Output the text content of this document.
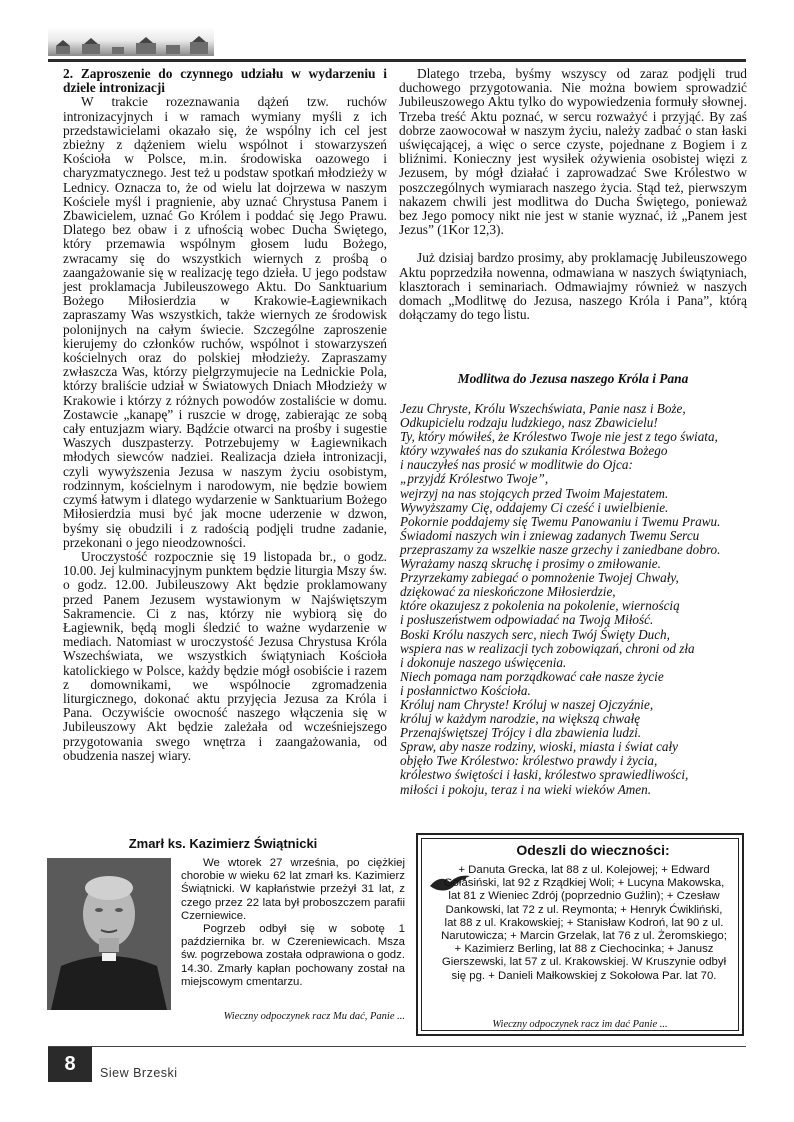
2. Zaproszenie do czynnego udziału w wydarzeniu i dziele intronizacji

W trakcie rozeznawania dążeń tzw. ruchów intronizacyjnych i w ramach wymiany myśli z ich przedstawicielami okazało się, że wspólny ich cel jest zbieżny z dążeniem wielu wspólnot i stowarzyszeń Kościoła w Polsce, m.in. środowiska oazowego i charyzmatycznego. Jest też u podstaw spotkań młodzieży w Lednicy. Oznacza to, że od wielu lat dojrzewa w naszym Kościele myśl i pragnienie, aby uznać Chrystusa Panem i Zbawicielem, uznać Go Królem i poddać się Jego Prawu. Dlatego bez obaw i z ufnością wobec Ducha Świętego, który przemawia wspólnym głosem ludu Bożego, zwracamy się do wszystkich wiernych z prośbą o zaangażowanie się w realizację tego dzieła. U jego podstaw jest proklamacja Jubileuszowego Aktu. Do Sanktuarium Bożego Miłosierdzia w Krakowie-Łagiewnikach zapraszamy Was wszystkich, także wiernych ze środowisk polonijnych na całym świecie. Szczególne zaproszenie kierujemy do członków ruchów, wspólnot i stowarzyszeń kościelnych oraz do polskiej młodzieży. Zapraszamy zwłaszcza Was, którzy pielgrzymujecie na Lednickie Pola, którzy braliście udział w Światowych Dniach Młodzieży w Krakowie i którzy z różnych powodów zostaliście w domu. Zostawcie „kanapę” i ruszcie w drogę, zabierając ze sobą cały entuzjazm wiary. Bądźcie otwarci na prośby i sugestie Waszych duszpasterzy. Potrzebujemy w Łagiewnikach młodych siewców nadziei. Realizacja dzieła intronizacji, czyli wywyższenia Jezusa w naszym życiu osobistym, rodzinnym, kościelnym i narodowym, nie będzie bowiem czymś łatwym i dlatego wydarzenie w Sanktuarium Bożego Miłosierdzia musi być jak mocne uderzenie w dzwon, byśmy się obudzili i z radością podjęli trudne zadanie, przekonani o jego nieodzowności.

Uroczystość rozpocznie się 19 listopada br., o godz. 10.00. Jej kulminacyjnym punktem będzie liturgia Mszy św. o godz. 12.00. Jubileuszowy Akt będzie proklamowany przed Panem Jezusem wystawionym w Najświętszym Sakramencie. Ci z nas, którzy nie wybiorą się do Łagiewnik, będą mogli śledzić to ważne wydarzenie w mediach. Natomiast w uroczystość Jezusa Chrystusa Króla Wszechświata, we wszystkich świątyniach Kościoła katolickiego w Polsce, każdy będzie mógł osobiście i razem z domownikami, we wspólnocie zgromadzenia liturgicznego, dokonać aktu przyjęcia Jezusa za Króla i Pana. Oczywiście owocność naszego włączenia się w Jubileuszowy Akt będzie zależała od wcześniejszego przygotowania swego wnętrza i zaangażowania, od obudzenia naszej wiary.

Dlatego trzeba, byśmy wszyscy od zaraz podjęli trud duchowego przygotowania. Nie można bowiem sprowadzić Jubileuszowego Aktu tylko do wypowiedzenia formuły słownej. Trzeba treść Aktu poznać, w sercu rozważyć i przyjąć. By zaś dobrze zaowocował w naszym życiu, należy zadbać o stan łaski uświęcającej, a więc o serce czyste, pojednane z Bogiem i z bliźnimi. Konieczny jest wysiłek ożywienia osobistej więzi z Jezusem, by mógł działać i zaprowadzać Swe Królestwo w poszczególnych wymiarach naszego życia. Stąd też, pierwszym nakazem chwili jest modlitwa do Ducha Świętego, ponieważ bez Jego pomocy nikt nie jest w stanie wyznać, iż „Panem jest Jezus” (1Kor 12,3).

Już dzisiaj bardzo prosimy, aby proklamację Jubileuszowego Aktu poprzedziła nowenna, odmawiana w naszych świątyniach, klasztorach i seminariach. Odmawiajmy również w naszych domach „Modlitwę do Jezusa, naszego Króla i Pana”, którą dołączamy do tego listu.

Modlitwa do Jezusa naszego Króla i Pana
Jezu Chryste, Królu Wszechświata, Panie nasz i Boże,
Odkupicielu rodzaju ludzkiego, nasz Zbawicielu!
Ty, który mówiłeś, że Królestwo Twoje nie jest z tego świata,
który wzywałeś nas do szukania Królestwa Bożego
i nauczyłeś nas prosić w modlitwie do Ojca:
„przyjdź Królestwo Twoje”,
wejrzyj na nas stojących przed Twoim Majestatem.
Wywyższamy Cię, oddajemy Ci cześć i uwielbienie.
Pokornie poddajemy się Twemu Panowaniu i Twemu Prawu.
Świadomi naszych win i zniewag zadanych Twemu Sercu
przepraszamy za wszelkie nasze grzechy i zaniedbane dobro.
Wyrażamy naszą skruchę i prosimy o zmiłowanie.
Przyrzekamy zabiegać o pomnożenie Twojej Chwały,
dziękować za nieskończone Miłosierdzie,
które okazujesz z pokolenia na pokolenie, wiernością
i posłuszeństwem odpowiadać na Twoją Miłość.
Boski Królu naszych serc, niech Twój Święty Duch,
wspiera nas w realizacji tych zobowiązań, chroni od zła
i dokonuje naszego uświęcenia.
Niech pomaga nam porządkować całe nasze życie
i posłannictwo Kościoła.
Króluj nam Chryste! Króluj w naszej Ojczyźnie,
króluj w każdym narodzie, na większą chwałę
Przenajświętszej Trójcy i dla zbawienia ludzi.
Spraw, aby nasze rodziny, wioski, miasta i świat cały
objęło Twe Królestwo: królestwo prawdy i życia,
królestwo świętości i łaski, królestwo sprawiedliwości,
miłości i pokoju, teraz i na wieki wieków Amen.
Zmarł ks. Kazimierz Świątnicki

We wtorek 27 września, po ciężkiej chorobie w wieku 62 lat zmarł ks. Kazimierz Świątnicki. W kapłaństwie przeżył 31 lat, z czego przez 22 lata był proboszczem parafii Czerniewice.

Pogrzeb odbył się w sobotę 1 października br. w Czereniewicach. Msza św. pogrzebowa została odprawiona o godz. 14.30. Zmarły kapłan pochowany został na miejscowym cmentarzu.

Wieczny odpoczynek racz Mu dać, Panie ...
Odeszli do wieczności:
+ Danuta Grecka, lat 88 z ul. Kolejowej; + Edward
Gołasiński, lat 92 z Rządkiej Woli; + Lucyna Makowska,
lat 81 z Wieniec Zdrój (poprzednio Guźlin); + Czesław
Dankowski, lat 72 z ul. Reymonta; + Henryk Ćwikliński,
lat 88 z ul. Krakowskiej; + Stanisław Kodroń, lat 90 z ul.
Narutowicza; + Marcin Grzelak, lat 76 z ul. Żeromskiego;
+ Kazimierz Berling, lat 88 z Ciechocinka; + Janusz
Gierszewski, lat 57 z ul. Krakowskiej. W Kruszynie odbył
się pg. + Danieli Małkowskiej z Sokołowa Par. lat 70.
Wieczny odpoczynek racz im dać Panie ...
8	Siew Brzeski
